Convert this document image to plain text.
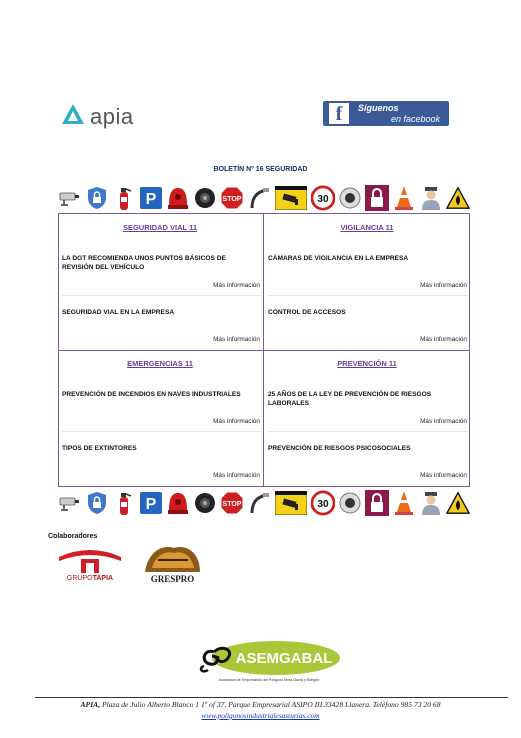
apia	f	Síguenos
en facebook
BOLETÍN Nº 16 SEGURIDAD
P	STOP	30
SEGURIDAD VIAL 11
LA DGT RECOMIENDA UNOS PUNTOS BÁSICOS DE REVISIÓN DEL VEHÍCULO
Más información
SEGURIDAD VIAL EN LA EMPRESA
Más información
VIGILANCIA 11
CÁMARAS DE VIGILANCIA EN LA EMPRESA
Más información
CONTROL DE ACCESOS
Más información
EMERGENCIAS 11
PREVENCIÓN DE INCENDIOS EN NAVES INDUSTRIALES
Más información
TIPOS DE EXTINTORES
Más información
PREVENCIÓN 11
25 AÑOS DE LA LEY DE PREVENCIÓN DE RIESGOS LABORALES
Más información
PREVENCIÓN DE RIESGOS PSICOSOCIALES
Más información
P	STOP	30
Colaboradores
GRUPOTAPIA	GRESPRO
ASEMGABAL
Asociación de Empresarios del Polígono Mora-Garay y Bobgón
APIA, Plaza de Julio Alberto Blanco 1 1º of 37, Parque Empresarial ASIPO III.33428 Llanera. Teléfono 985 73 20 68
www.poligonosindustrialesasturias.com
